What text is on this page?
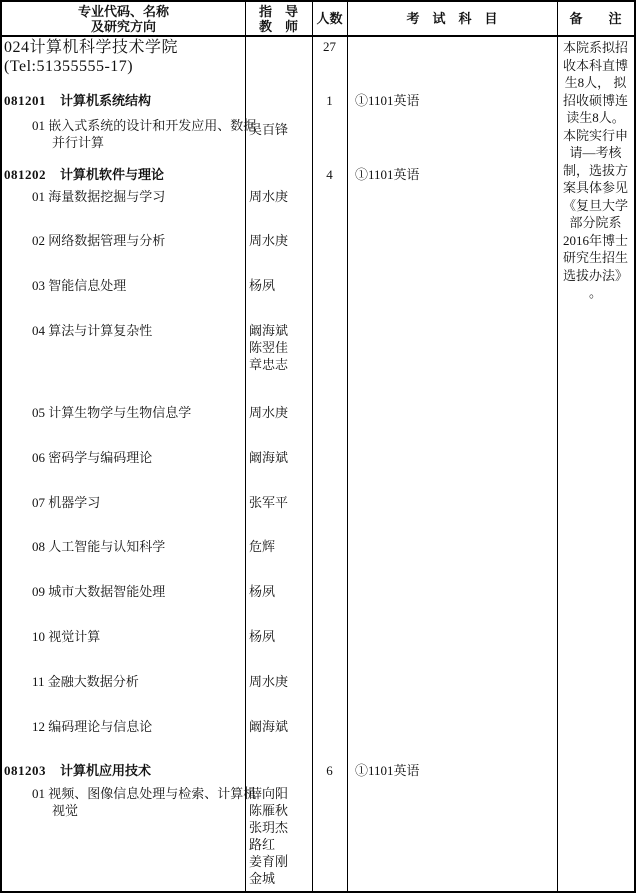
专业代码、名称
及研究方向
024计算机科学技术学院
(Tel:51355555-17)
081201 计算机系统结构
01 嵌入式系统的设计和开发应用、数据并行计算
081202 计算机软件与理论
01 海量数据挖掘与学习
02 网络数据管理与分析
03 智能信息处理
04 算法与计算复杂性
05 计算生物学与生物信息学
06 密码学与编码理论
07 机器学习
08 人工智能与认知科学
09 城市大数据智能处理
10 视觉计算
11 金融大数据分析
12 编码理论与信息论
081203 计算机应用技术
01 视频、图像信息处理与检索、计算机视觉
指　导
教　师
吴百锋
周水庚
周水庚
杨夙
阚海斌
陈翌佳
章忠志
周水庚
阚海斌
张军平
危辉
杨夙
杨夙
周水庚
阚海斌
薛向阳
陈雁秋
张玥杰
路红
姜育刚
金城
人数
27
1
4
6
考　试　科　目
①1101英语
①1101英语
①1101英语
备　　注
本院系拟招
收本科直博
生8人， 拟
招收硕博连
读生8人。
本院实行申
请—考核
制，选拔方
案具体参见
《复旦大学
部分院系
2016年博士
研究生招生
选拔办法》
。
